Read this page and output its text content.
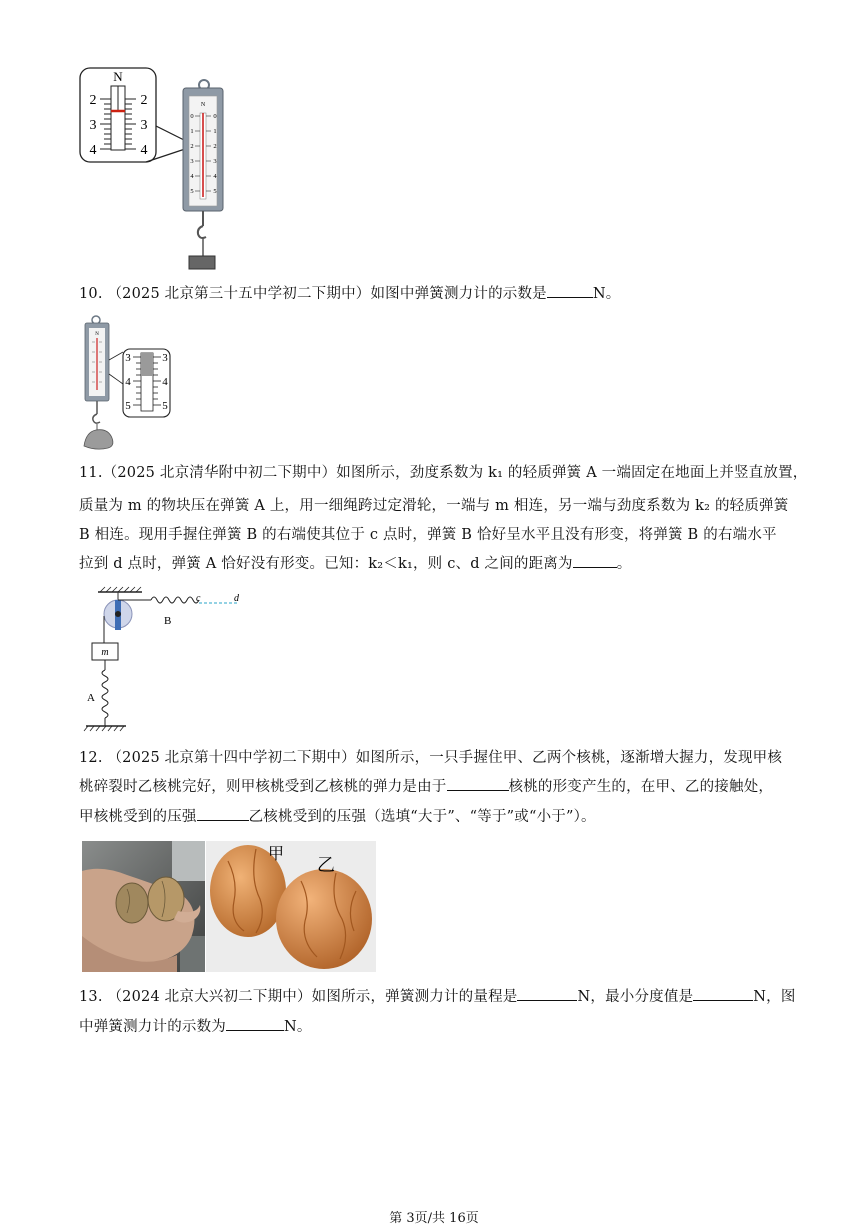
N
2	2
3	3
4	4
N
0
1
2
3
4
5
0
1
2
3
4
5
10. （2025 北京第三十五中学初二下期中）如图中弹簧测力计的示数是	N。
N
3	3
4	4
5	5
11.（2025 北京清华附中初二下期中）如图所示，劲度系数为 k₁ 的轻质弹簧 A 一端固定在地面上并竖直放置，
质量为 m 的物块压在弹簧 A 上，用一细绳跨过定滑轮，一端与 m 相连，另一端与劲度系数为 k₂ 的轻质弹簧
B 相连。现用手握住弹簧 B 的右端使其位于 c 点时，弹簧 B 恰好呈水平且没有形变，将弹簧 B 的右端水平
拉到 d 点时，弹簧 A 恰好没有形变。已知：k₂＜k₁，则 c、d 之间的距离为	。
c	d
B
m
A
12. （2025 北京第十四中学初二下期中）如图所示，一只手握住甲、乙两个核桃，逐渐增大握力，发现甲核
桃碎裂时乙核桃完好，则甲核桃受到乙核桃的弹力是由于	核桃的形变产生的，在甲、乙的接触处，
甲核桃受到的压强	乙核桃受到的压强（选填“大于”、“等于”或“小于”）。
甲
乙
13. （2024 北京大兴初二下期中）如图所示，弹簧测力计的量程是	N，最小分度值是	N，图
中弹簧测力计的示数为	N。
第 3页/共 16页
